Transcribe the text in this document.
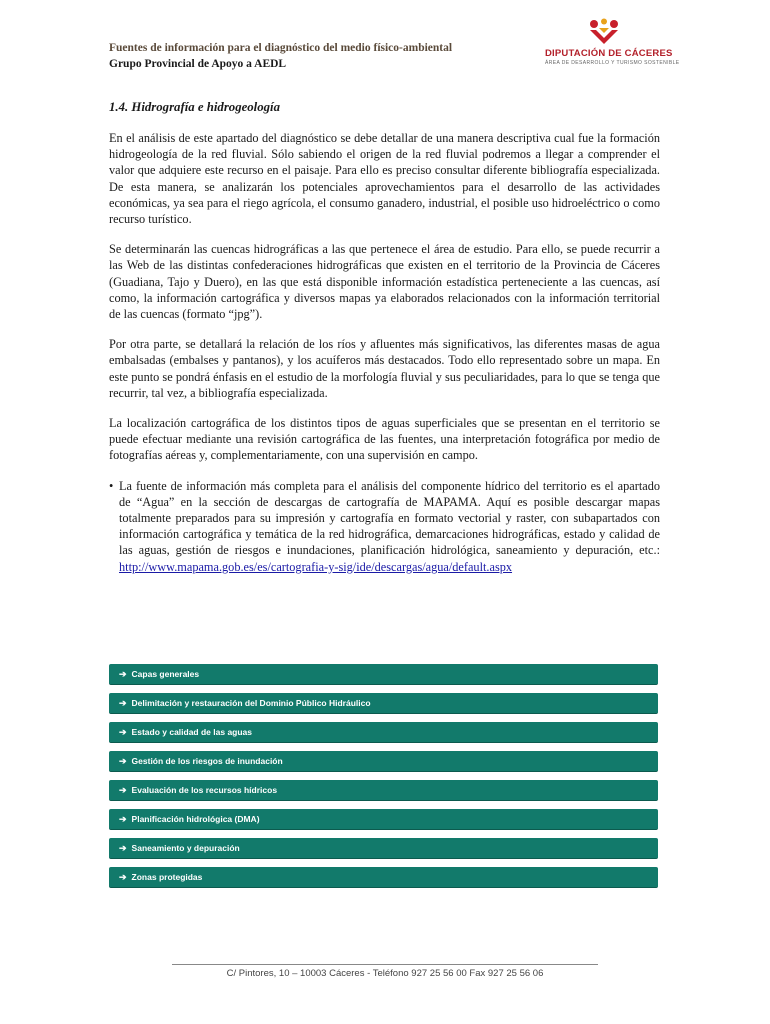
Fuentes de información para el diagnóstico del medio físico-ambiental
Grupo Provincial de Apoyo a AEDL
DIPUTACIÓN DE CÁCERES
ÁREA DE DESARROLLO Y TURISMO SOSTENIBLE
1.4. Hidrografía e hidrogeología

En el análisis de este apartado del diagnóstico se debe detallar de una manera descriptiva cual fue la formación hidrogeología de la red fluvial. Sólo sabiendo el origen de la red fluvial podremos a llegar a comprender el valor que adquiere este recurso en el paisaje. Para ello es preciso consultar diferente bibliografía especializada. De esta manera, se analizarán los potenciales aprovechamientos para el desarrollo de las actividades económicas, ya sea para el riego agrícola, el consumo ganadero, industrial, el posible uso hidroeléctrico o como recurso turístico.

Se determinarán las cuencas hidrográficas a las que pertenece el área de estudio. Para ello, se puede recurrir a las Web de las distintas confederaciones hidrográficas que existen en el territorio de la Provincia de Cáceres (Guadiana, Tajo y Duero), en las que está disponible información estadística perteneciente a las cuencas, así como, la información cartográfica y diversos mapas ya elaborados relacionados con la información territorial de las cuencas (formato “jpg”).

Por otra parte, se detallará la relación de los ríos y afluentes más significativos, las diferentes masas de agua embalsadas (embalses y pantanos), y los acuíferos más destacados. Todo ello representado sobre un mapa. En este punto se pondrá énfasis en el estudio de la morfología fluvial y sus peculiaridades, para lo que se tenga que recurrir, tal vez, a bibliografía especializada.

La localización cartográfica de los distintos tipos de aguas superficiales que se presentan en el territorio se puede efectuar mediante una revisión cartográfica de las fuentes, una interpretación fotográfica por medio de fotografías aéreas y, complementariamente, con una supervisión en campo.

• La fuente de información más completa para el análisis del componente hídrico del territorio es el apartado de “Agua” en la sección de descargas de cartografía de MAPAMA. Aquí es posible descargar mapas totalmente preparados para su impresión y cartografía en formato vectorial y raster, con subapartados con información cartográfica y temática de la red hidrográfica, demarcaciones hidrográficas, estado y calidad de las aguas, gestión de riesgos e inundaciones, planificación hidrológica, saneamiento y depuración, etc.: http://www.mapama.gob.es/es/cartografia-y-sig/ide/descargas/agua/default.aspx
➔ Capas generales
➔ Delimitación y restauración del Dominio Público Hidráulico
➔ Estado y calidad de las aguas
➔ Gestión de los riesgos de inundación
➔ Evaluación de los recursos hídricos
➔ Planificación hidrológica (DMA)
➔ Saneamiento y depuración
➔ Zonas protegidas
C/ Pintores, 10 – 10003 Cáceres - Teléfono 927 25 56 00 Fax 927 25 56 06
